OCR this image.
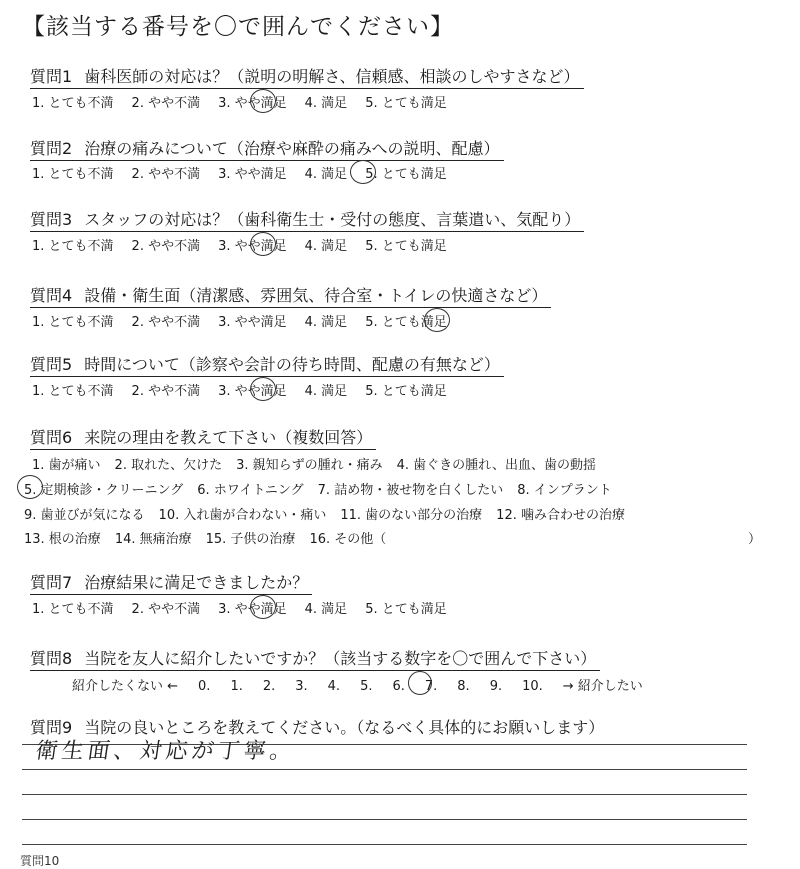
【該当する番号を〇で囲んでください】
質問1 歯科医師の対応は？（説明の明解さ、信頼感、相談のしやすさなど）
1. とても不満 2. やや不満 3. やや満足 4. 満足 5. とても満足
質問2 治療の痛みについて（治療や麻酔の痛みへの説明、配慮）
1. とても不満 2. やや不満 3. やや満足 4. 満足 5. とても満足
質問3 スタッフの対応は？（歯科衛生士・受付の態度、言葉遣い、気配り）
1. とても不満 2. やや不満 3. やや満足 4. 満足 5. とても満足
質問4 設備・衛生面（清潔感、雰囲気、待合室・トイレの快適さなど）
1. とても不満 2. やや不満 3. やや満足 4. 満足 5. とても満足
質問5 時間について（診察や会計の待ち時間、配慮の有無など）
1. とても不満 2. やや不満 3. やや満足 4. 満足 5. とても満足
質問6 来院の理由を教えて下さい（複数回答）
1. 歯が痛い 2. 取れた、欠けた 3. 親知らずの腫れ・痛み 4. 歯ぐきの腫れ、出血、歯の動揺
5. 定期検診・クリーニング 6. ホワイトニング 7. 詰め物・被せ物を白くしたい 8. インプラント
9. 歯並びが気になる 10. 入れ歯が合わない・痛い 11. 歯のない部分の治療 12. 噛み合わせの治療
13. 根の治療 14. 無痛治療 15. 子供の治療 16. その他（	）
質問7 治療結果に満足できましたか？
1. とても不満 2. やや不満 3. やや満足 4. 満足 5. とても満足
質問8 当院を友人に紹介したいですか？（該当する数字を〇で囲んで下さい）
紹介したくない ← 0. 1. 2. 3. 4. 5. 6. 7. 8. 9. 10. → 紹介したい
質問9 当院の良いところを教えてください。（なるべく具体的にお願いします）
衛生面、対応が丁寧。
質問10
